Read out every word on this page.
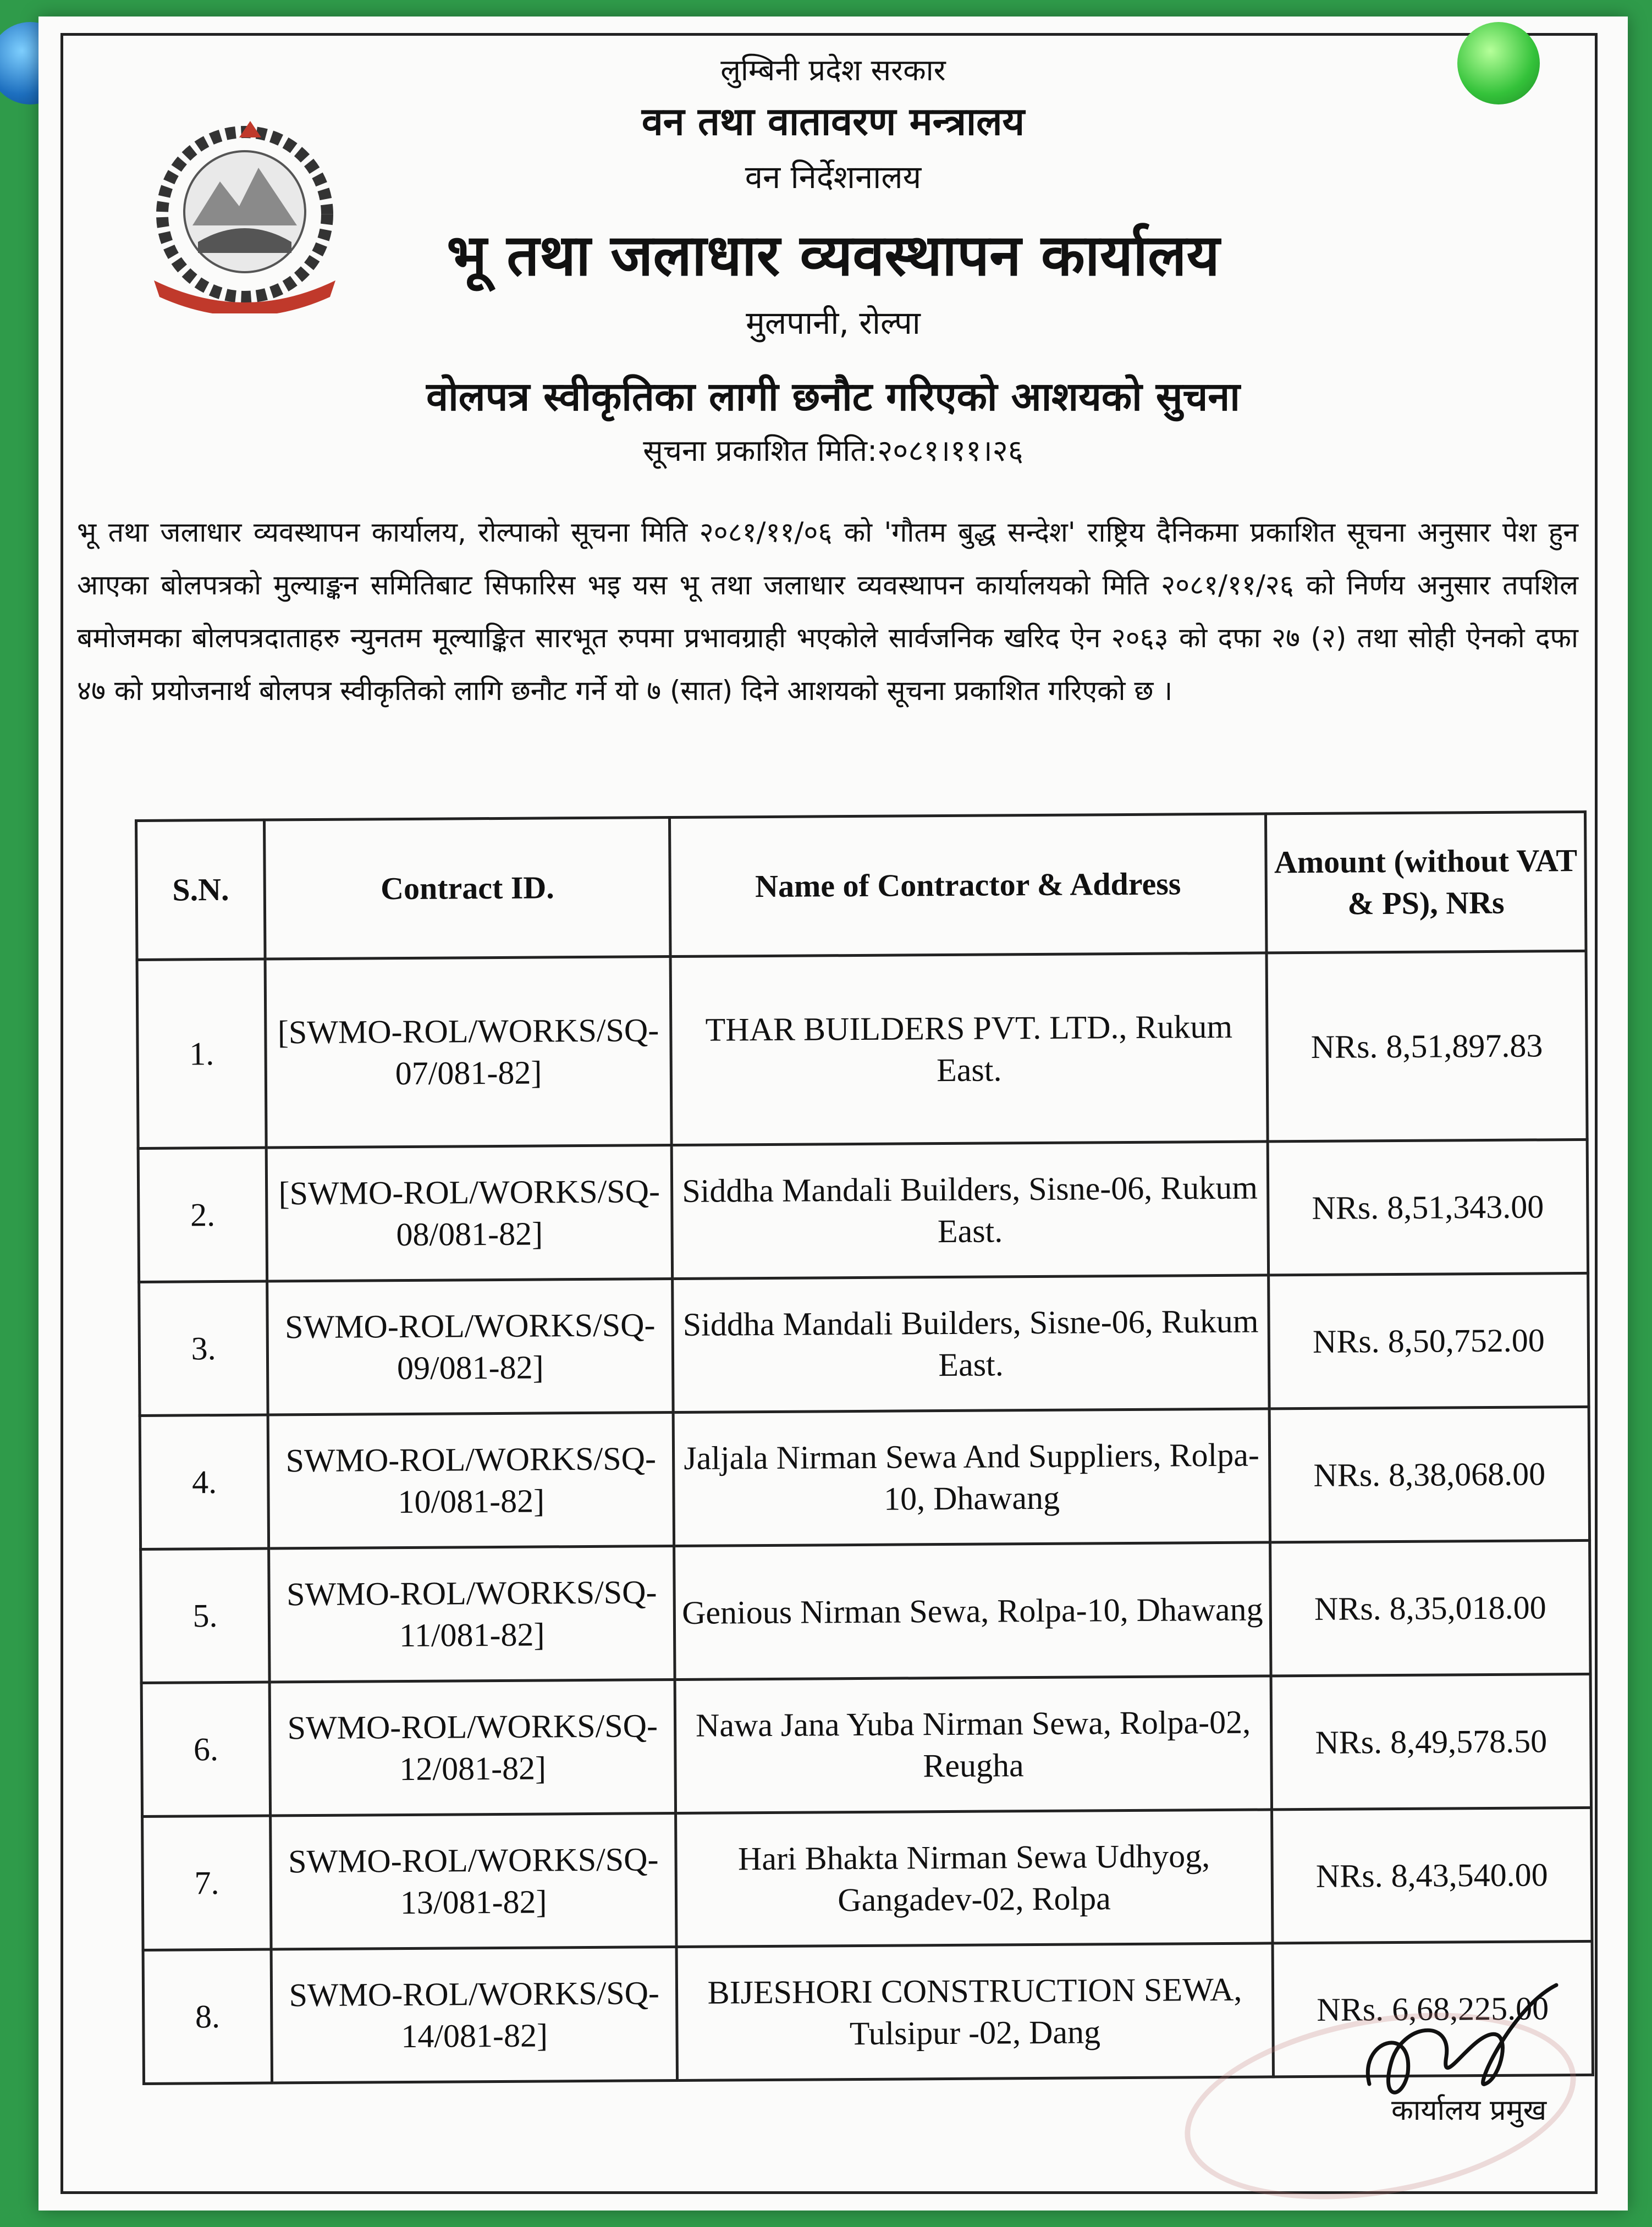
लुम्बिनी प्रदेश सरकार
वन तथा वातावरण मन्त्रालय
वन निर्देशनालय
भू तथा जलाधार व्यवस्थापन कार्यालय
मुलपानी, रोल्पा
वोलपत्र स्वीकृतिका लागी छनौट गरिएको आशयको सुचना
सूचना प्रकाशित मिति:२०८१।११।२६
भू तथा जलाधार व्यवस्थापन कार्यालय, रोल्पाको सूचना मिति २०८१/११/०६ को 'गौतम बुद्ध सन्देश' राष्ट्रिय दैनिकमा प्रकाशित सूचना अनुसार पेश हुन आएका बोलपत्रको मुल्याङ्कन समितिबाट सिफारिस भइ यस भू तथा जलाधार व्यवस्थापन कार्यालयको मिति २०८१/११/२६ को निर्णय अनुसार तपशिल बमोजमका बोलपत्रदाताहरु न्युनतम मूल्याङ्कित सारभूत रुपमा प्रभावग्राही भएकोले सार्वजनिक खरिद ऐन २०६३ को दफा २७ (२) तथा सोही ऐनको दफा ४७ को प्रयोजनार्थ बोलपत्र स्वीकृतिको लागि छनौट गर्ने यो ७ (सात) दिने आशयको सूचना प्रकाशित गरिएको छ ।
S.N.	Contract ID.	Name of Contractor & Address	Amount (without VAT & PS), NRs
1.	[SWMO-ROL/WORKS/SQ-07/081-82]	THAR BUILDERS PVT. LTD., Rukum East.	NRs. 8,51,897.83
2.	[SWMO-ROL/WORKS/SQ-08/081-82]	Siddha Mandali Builders, Sisne-06, Rukum East.	NRs. 8,51,343.00
3.	SWMO-ROL/WORKS/SQ-09/081-82]	Siddha Mandali Builders, Sisne-06, Rukum East.	NRs. 8,50,752.00
4.	SWMO-ROL/WORKS/SQ-10/081-82]	Jaljala Nirman Sewa And Suppliers, Rolpa-10, Dhawang	NRs. 8,38,068.00
5.	SWMO-ROL/WORKS/SQ-11/081-82]	Genious Nirman Sewa, Rolpa-10, Dhawang	NRs. 8,35,018.00
6.	SWMO-ROL/WORKS/SQ-12/081-82]	Nawa Jana Yuba Nirman Sewa, Rolpa-02, Reugha	NRs. 8,49,578.50
7.	SWMO-ROL/WORKS/SQ-13/081-82]	Hari Bhakta Nirman Sewa Udhyog, Gangadev-02, Rolpa	NRs. 8,43,540.00
8.	SWMO-ROL/WORKS/SQ-14/081-82]	BIJESHORI CONSTRUCTION SEWA, Tulsipur -02, Dang	NRs. 6,68,225.00
कार्यालय प्रमुख
